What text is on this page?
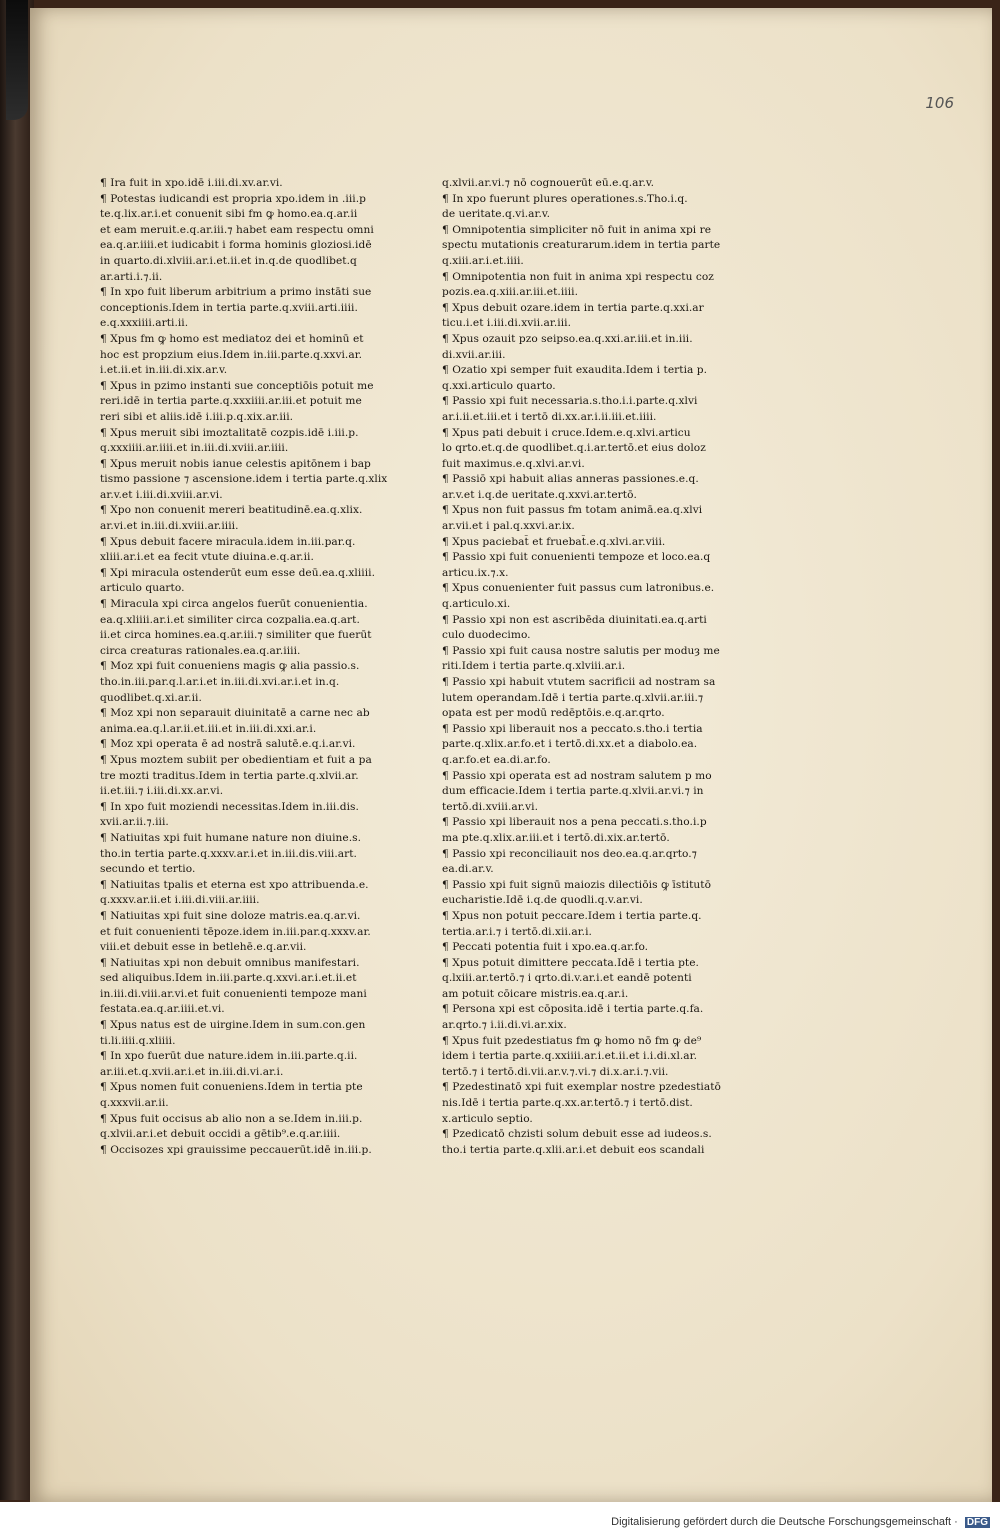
106
¶ Ira fuit in xpo.idē i.iii.di.xv.ar.vi.
¶ Potestas iudicandi est propria xpo.idem in .iii.p
te.q.lix.ar.i.et conuenit sibi fm ꝙ homo.ea.q.ar.ii
et eam meruit.e.q.ar.iii.⁊ habet eam respectu omni
ea.q.ar.iiii.et iudicabit i forma hominis gloziosi.idē
in quarto.di.xlviii.ar.i.et.ii.et in.q.de quodlibet.q
ar.arti.i.⁊.ii.
¶ In xpo fuit liberum arbitrium a primo instāti sue
conceptionis.Idem in tertia parte.q.xviii.arti.iiii.
e.q.xxxiiii.arti.ii.
¶ Xpus fm ꝙ homo est mediatoz dei et hominū et
hoc est propzium eius.Idem in.iii.parte.q.xxvi.ar.
i.et.ii.et in.iii.di.xix.ar.v.
¶ Xpus in pzimo instanti sue conceptiōis potuit me
reri.idē in tertia parte.q.xxxiiii.ar.iii.et potuit me
reri sibi et aliis.idē i.iii.p.q.xix.ar.iii.
¶ Xpus meruit sibi imoztalitatē cozpis.idē i.iii.p.
q.xxxiiii.ar.iiii.et in.iii.di.xviii.ar.iiii.
¶ Xpus meruit nobis ianue celestis apitōnem i bap
tismo passione ⁊ ascensione.idem i tertia parte.q.xlix
ar.v.et i.iii.di.xviii.ar.vi.
¶ Xpo non conuenit mereri beatitudinē.ea.q.xlix.
ar.vi.et in.iii.di.xviii.ar.iiii.
¶ Xpus debuit facere miracula.idem in.iii.par.q.
xliii.ar.i.et ea fecit vtute diuina.e.q.ar.ii.
¶ Xpi miracula ostenderūt eum esse deū.ea.q.xliiii.
articulo quarto.
¶ Miracula xpi circa angelos fuerūt conuenientia.
ea.q.xliiii.ar.i.et similiter circa cozpalia.ea.q.art.
ii.et circa homines.ea.q.ar.iii.⁊ similiter que fuerūt
circa creaturas rationales.ea.q.ar.iiii.
¶ Moz xpi fuit conueniens magis ꝙ alia passio.s.
tho.in.iii.par.q.l.ar.i.et in.iii.di.xvi.ar.i.et in.q.
quodlibet.q.xi.ar.ii.
¶ Moz xpi non separauit diuinitatē a carne nec ab
anima.ea.q.l.ar.ii.et.iii.et in.iii.di.xxi.ar.i.
¶ Moz xpi operata ē ad nostrā salutē.e.q.i.ar.vi.
¶ Xpus moztem subiit per obedientiam et fuit a pa
tre mozti traditus.Idem in tertia parte.q.xlvii.ar.
ii.et.iii.⁊ i.iii.di.xx.ar.vi.
¶ In xpo fuit moziendi necessitas.Idem in.iii.dis.
xvii.ar.ii.⁊.iii.
¶ Natiuitas xpi fuit humane nature non diuine.s.
tho.in tertia parte.q.xxxv.ar.i.et in.iii.dis.viii.art.
secundo et tertio.
¶ Natiuitas tpalis et eterna est xpo attribuenda.e.
q.xxxv.ar.ii.et i.iii.di.viii.ar.iiii.
¶ Natiuitas xpi fuit sine doloze matris.ea.q.ar.vi.
et fuit conuenienti tēpoze.idem in.iii.par.q.xxxv.ar.
viii.et debuit esse in betlehē.e.q.ar.vii.
¶ Natiuitas xpi non debuit omnibus manifestari.
sed aliquibus.Idem in.iii.parte.q.xxvi.ar.i.et.ii.et
in.iii.di.viii.ar.vi.et fuit conuenienti tempoze mani
festata.ea.q.ar.iiii.et.vi.
¶ Xpus natus est de uirgine.Idem in sum.con.gen
ti.li.iiii.q.xliiii.
¶ In xpo fuerūt due nature.idem in.iii.parte.q.ii.
ar.iii.et.q.xvii.ar.i.et in.iii.di.vi.ar.i.
¶ Xpus nomen fuit conueniens.Idem in tertia pte
q.xxxvii.ar.ii.
¶ Xpus fuit occisus ab alio non a se.Idem in.iii.p.
q.xlvii.ar.i.et debuit occidi a gētib⁹.e.q.ar.iiii.
¶ Occisozes xpi grauissime peccauerūt.idē in.iii.p.
q.xlvii.ar.vi.⁊ nō cognouerūt eū.e.q.ar.v.
¶ In xpo fuerunt plures operationes.s.Tho.i.q.
de ueritate.q.vi.ar.v.
¶ Omnipotentia simpliciter nō fuit in anima xpi re
spectu mutationis creaturarum.idem in tertia parte
q.xiii.ar.i.et.iiii.
¶ Omnipotentia non fuit in anima xpi respectu coz
pozis.ea.q.xiii.ar.iii.et.iiii.
¶ Xpus debuit ozare.idem in tertia parte.q.xxi.ar
ticu.i.et i.iii.di.xvii.ar.iii.
¶ Xpus ozauit pzo seipso.ea.q.xxi.ar.iii.et in.iii.
di.xvii.ar.iii.
¶ Ozatio xpi semper fuit exaudita.Idem i tertia p.
q.xxi.articulo quarto.
¶ Passio xpi fuit necessaria.s.tho.i.i.parte.q.xlvi
ar.i.ii.et.iii.et i tertō di.xx.ar.i.ii.iii.et.iiii.
¶ Xpus pati debuit i cruce.Idem.e.q.xlvi.articu
lo qrto.et.q.de quodlibet.q.i.ar.tertō.et eius doloz
fuit maximus.e.q.xlvi.ar.vi.
¶ Passiō xpi habuit alias anneras passiones.e.q.
ar.v.et i.q.de ueritate.q.xxvi.ar.tertō.
¶ Xpus non fuit passus fm totam animā.ea.q.xlvi
ar.vii.et i pal.q.xxvi.ar.ix.
¶ Xpus paciebat̄ et fruebat̄.e.q.xlvi.ar.viii.
¶ Passio xpi fuit conuenienti tempoze et loco.ea.q
articu.ix.⁊.x.
¶ Xpus conuenienter fuit passus cum latronibus.e.
q.articulo.xi.
¶ Passio xpi non est ascribēda diuinitati.ea.q.arti
culo duodecimo.
¶ Passio xpi fuit causa nostre salutis per moduȝ me
riti.Idem i tertia parte.q.xlviii.ar.i.
¶ Passio xpi habuit vtutem sacrificii ad nostram sa
lutem operandam.Idē i tertia parte.q.xlvii.ar.iii.⁊
opata est per modū redēptōis.e.q.ar.qrto.
¶ Passio xpi liberauit nos a peccato.s.tho.i tertia
parte.q.xlix.ar.fo.et i tertō.di.xx.et a diabolo.ea.
q.ar.fo.et ea.di.ar.fo.
¶ Passio xpi operata est ad nostram salutem p mo
dum efficacie.Idem i tertia parte.q.xlvii.ar.vi.⁊ in
tertō.di.xviii.ar.vi.
¶ Passio xpi liberauit nos a pena peccati.s.tho.i.p
ma pte.q.xlix.ar.iii.et i tertō.di.xix.ar.tertō.
¶ Passio xpi reconciliauit nos deo.ea.q.ar.qrto.⁊
ea.di.ar.v.
¶ Passio xpi fuit signū maiozis dilectiōis ꝙ īstitutō
eucharistie.Idē i.q.de quodli.q.v.ar.vi.
¶ Xpus non potuit peccare.Idem i tertia parte.q.
tertia.ar.i.⁊ i tertō.di.xii.ar.i.
¶ Peccati potentia fuit i xpo.ea.q.ar.fo.
¶ Xpus potuit dimittere peccata.Idē i tertia pte.
q.lxiii.ar.tertō.⁊ i qrto.di.v.ar.i.et eandē potenti
am potuit cōicare mistris.ea.q.ar.i.
¶ Persona xpi est cōposita.idē i tertia parte.q.fa.
ar.qrto.⁊ i.ii.di.vi.ar.xix.
¶ Xpus fuit pzedestiatus fm ꝙ homo nō fm ꝙ de⁹
idem i tertia parte.q.xxiiii.ar.i.et.ii.et i.i.di.xl.ar.
tertō.⁊ i tertō.di.vii.ar.v.⁊.vi.⁊ di.x.ar.i.⁊.vii.
¶ Pzedestinatō xpi fuit exemplar nostre pzedestiatō
nis.Idē i tertia parte.q.xx.ar.tertō.⁊ i tertō.dist.
x.articulo septio.
¶ Pzedicatō chzisti solum debuit esse ad iudeos.s.
tho.i tertia parte.q.xlii.ar.i.et debuit eos scandali
Digitalisierung gefördert durch die Deutsche Forschungsgemeinschaft · DFG
